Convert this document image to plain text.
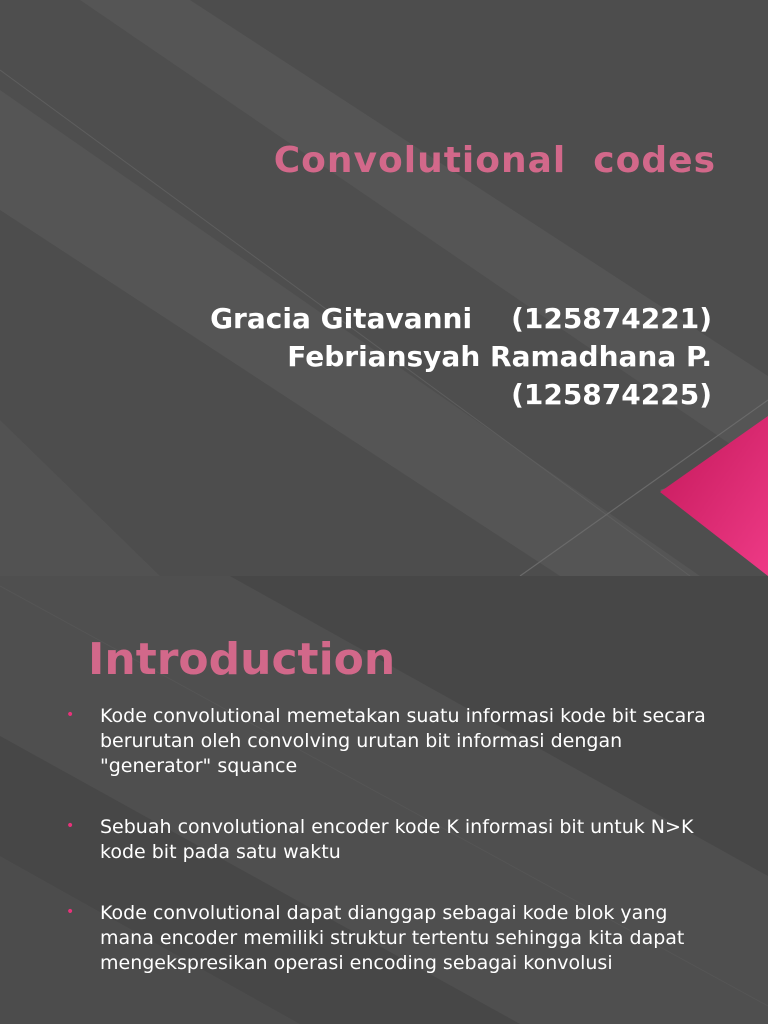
Convolutional  codes
Gracia Gitavanni    (125874221)
Febriansyah Ramadhana P.
(125874225)
Introduction
• Kode convolutional memetakan suatu informasi kode bit secara berurutan oleh convolving urutan bit informasi dengan "generator" squance
• Sebuah convolutional encoder kode K informasi bit untuk N>K kode bit pada satu waktu
• Kode convolutional dapat dianggap sebagai kode blok yang mana encoder memiliki struktur tertentu sehingga kita dapat mengekspresikan operasi encoding sebagai konvolusi
